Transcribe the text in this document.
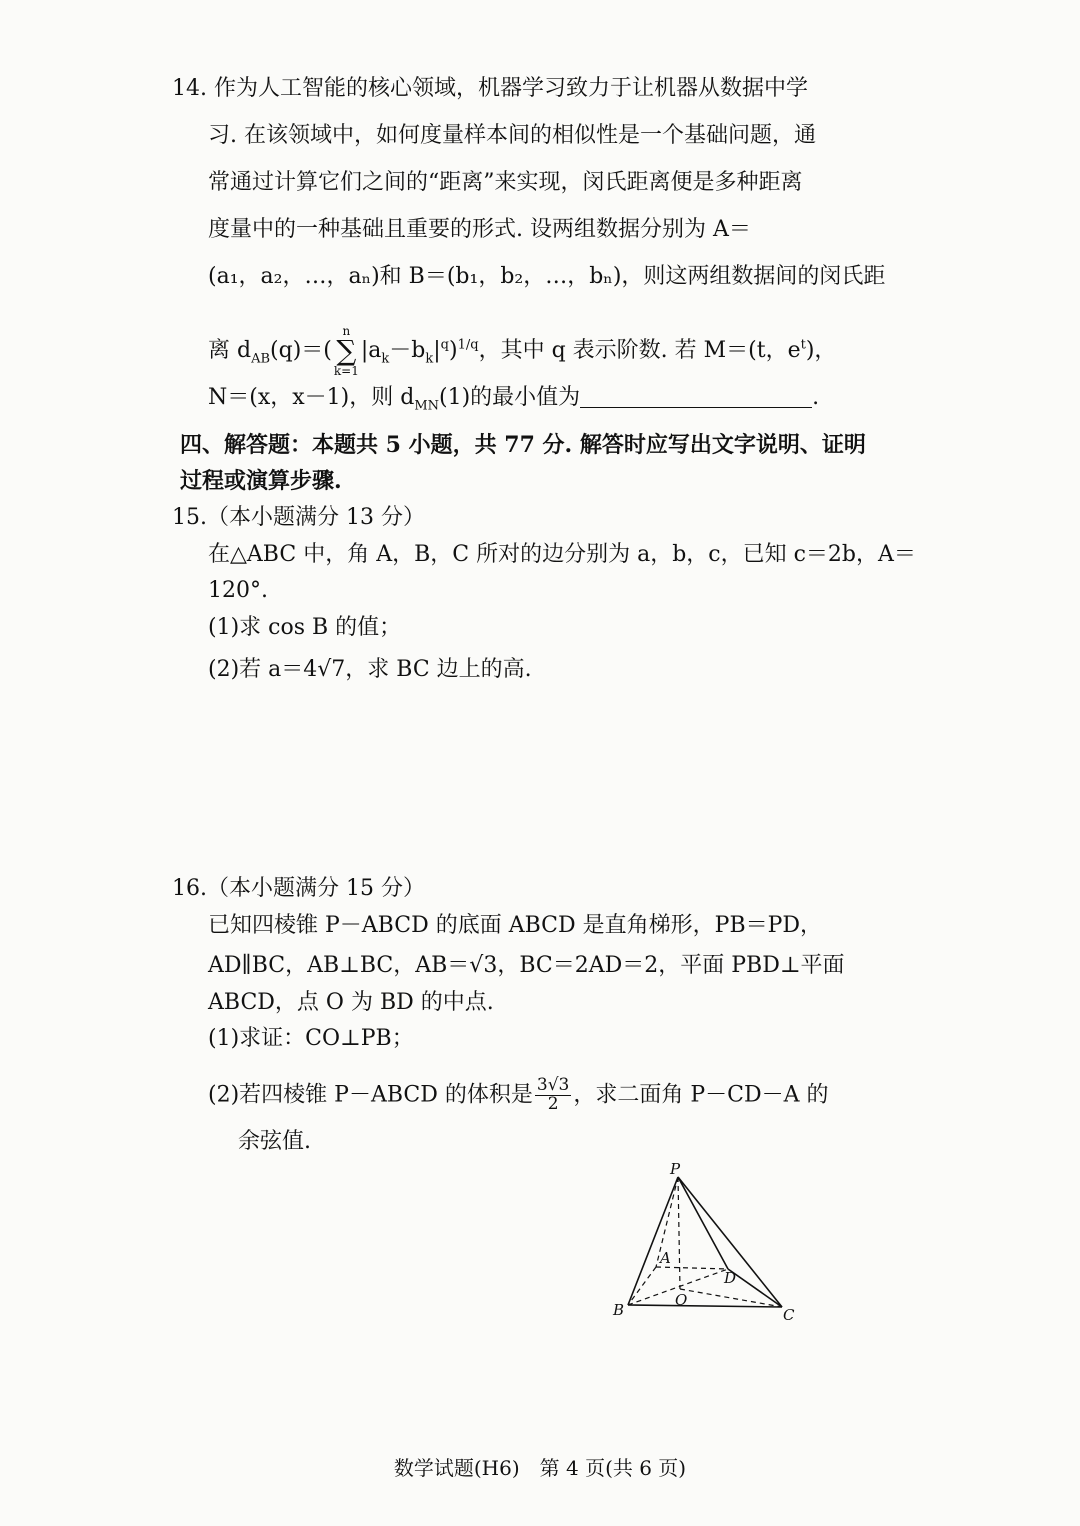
14. 作为人工智能的核心领域，机器学习致力于让机器从数据中学
习. 在该领域中，如何度量样本间的相似性是一个基础问题，通
常通过计算它们之间的“距离”来实现，闵氏距离便是多种距离
度量中的一种基础且重要的形式. 设两组数据分别为 A＝
(a₁，a₂，…，aₙ)和 B＝(b₁，b₂，…，bₙ)，则这两组数据间的闵氏距
离 $d_{AB}(q)=$(
n
∑
k=1
$|a_k-b_k|^q)^{1/q}$，其中 q 表示阶数. 若 M＝(t，$e^t$)，
N＝(x，x－1)，则 $d_{MN}(1)$的最小值为	.
四、解答题：本题共 5 小题，共 77 分. 解答时应写出文字说明、证明
过程或演算步骤.
15.（本小题满分 13 分）
在△ABC 中，角 A，B，C 所对的边分别为 a，b，c，已知 c＝2b，A＝
120°.
(1)求 cos B 的值；
(2)若 a＝4√7，求 BC 边上的高.
16.（本小题满分 15 分）
已知四棱锥 P－ABCD 的底面 ABCD 是直角梯形，PB＝PD，
AD∥BC，AB⊥BC，AB＝√3，BC＝2AD＝2，平面 PBD⊥平面
ABCD，点 O 为 BD 的中点.
(1)求证：CO⊥PB；
(2)若四棱锥 P－ABCD 的体积是 $\frac{3√3}{2}$ ，求二面角 P－CD－A 的
余弦值.
P
A
D
O
B	C
数学试题(H6)　第 4 页(共 6 页)
